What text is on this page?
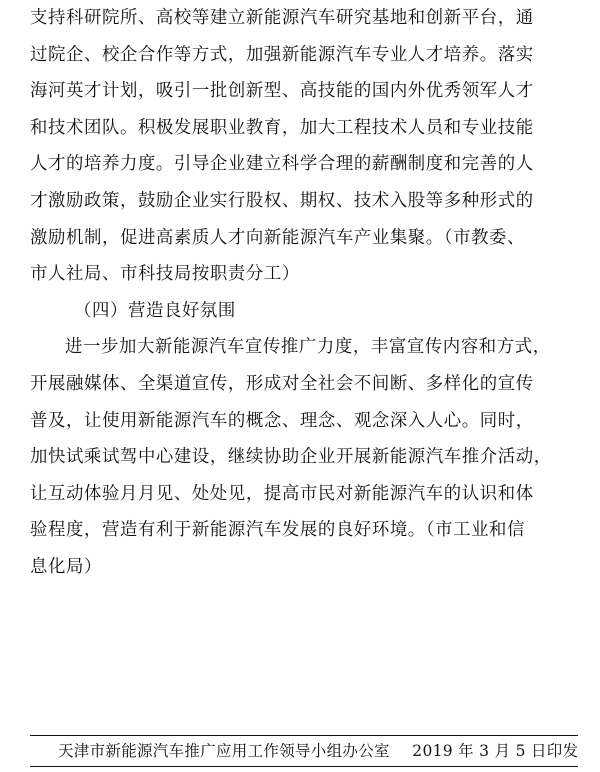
支持科研院所、高校等建立新能源汽车研究基地和创新平台，通
过院企、校企合作等方式，加强新能源汽车专业人才培养。落实
海河英才计划，吸引一批创新型、高技能的国内外优秀领军人才
和技术团队。积极发展职业教育，加大工程技术人员和专业技能
人才的培养力度。引导企业建立科学合理的薪酬制度和完善的人
才激励政策，鼓励企业实行股权、期权、技术入股等多种形式的
激励机制，促进高素质人才向新能源汽车产业集聚。（市教委、
市人社局、市科技局按职责分工）
（四）营造良好氛围
进一步加大新能源汽车宣传推广力度，丰富宣传内容和方式，
开展融媒体、全渠道宣传，形成对全社会不间断、多样化的宣传
普及，让使用新能源汽车的概念、理念、观念深入人心。同时，
加快试乘试驾中心建设，继续协助企业开展新能源汽车推介活动，
让互动体验月月见、处处见，提高市民对新能源汽车的认识和体
验程度，营造有利于新能源汽车发展的良好环境。（市工业和信
息化局）
天津市新能源汽车推广应用工作领导小组办公室 2019 年 3 月 5 日印发
